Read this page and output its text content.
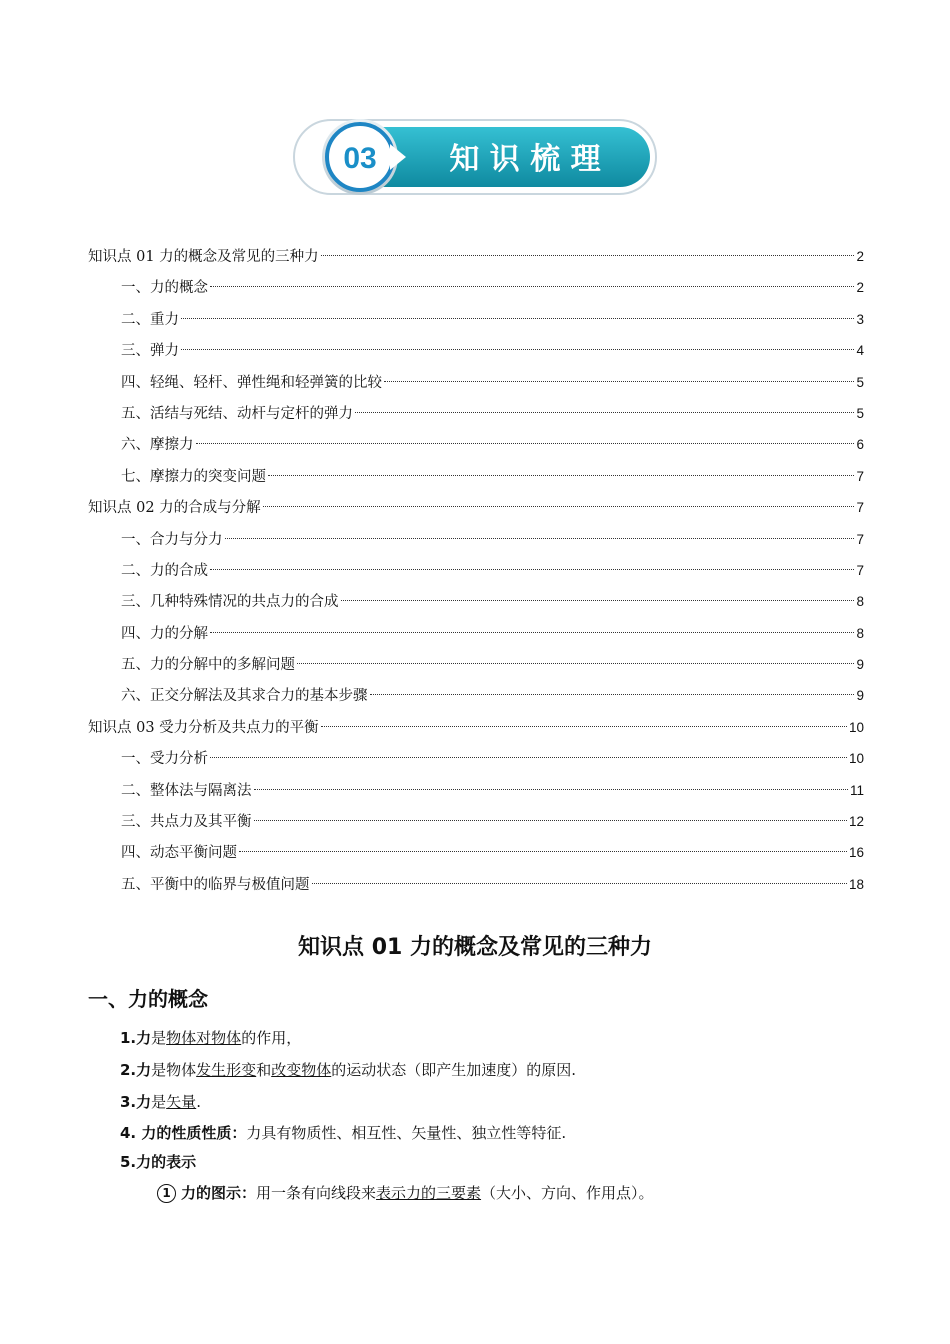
03 知 识 梳 理
知识点 01 力的概念及常见的三种力	2
一、力的概念	2
二、重力	3
三、弹力	4
四、轻绳、轻杆、弹性绳和轻弹簧的比较	5
五、活结与死结、动杆与定杆的弹力	5
六、摩擦力	6
七、摩擦力的突变问题	7
知识点 02 力的合成与分解	7
一、合力与分力	7
二、力的合成	7
三、几种特殊情况的共点力的合成	8
四、力的分解	8
五、力的分解中的多解问题	9
六、正交分解法及其求合力的基本步骤	9
知识点 03 受力分析及共点力的平衡	10
一、受力分析	10
二、整体法与隔离法	11
三、共点力及其平衡	12
四、动态平衡问题	16
五、平衡中的临界与极值问题	18
知识点 01 力的概念及常见的三种力
一、力的概念
1.力是物体对物体的作用，
2.力是物体发生形变和改变物体的运动状态（即产生加速度）的原因.
3.力是矢量.
4. 力的性质性质：力具有物质性、相互性、矢量性、独立性等特征.
5.力的表示
1 力的图示：用一条有向线段来表示力的三要素（大小、方向、作用点）。
